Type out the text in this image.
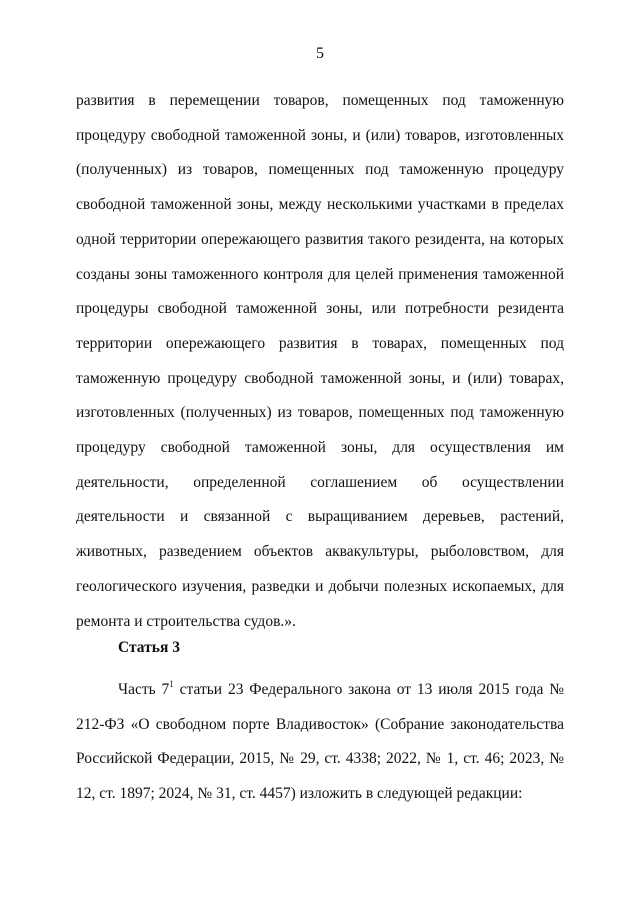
5

развития в перемещении товаров, помещенных под таможенную процедуру свободной таможенной зоны, и (или) товаров, изготовленных (полученных) из товаров, помещенных под таможенную процедуру свободной таможенной зоны, между несколькими участками в пределах одной территории опережающего развития такого резидента, на которых созданы зоны таможенного контроля для целей применения таможенной процедуры свободной таможенной зоны, или потребности резидента территории опережающего развития в товарах, помещенных под таможенную процедуру свободной таможенной зоны, и (или) товарах, изготовленных (полученных) из товаров, помещенных под таможенную процедуру свободной таможенной зоны, для осуществления им деятельности, определенной соглашением об осуществлении деятельности и связанной с выращиванием деревьев, растений, животных, разведением объектов аквакультуры, рыболовством, для геологического изучения, разведки и добычи полезных ископаемых, для ремонта и строительства судов.».

Статья 3

Часть $7^1$ статьи 23 Федерального закона от 13 июля 2015 года № 212-ФЗ «О свободном порте Владивосток» (Собрание законодательства Российской Федерации, 2015, № 29, ст. 4338; 2022, № 1, ст. 46; 2023, № 12, ст. 1897; 2024, № 31, ст. 4457) изложить в следующей редакции:
